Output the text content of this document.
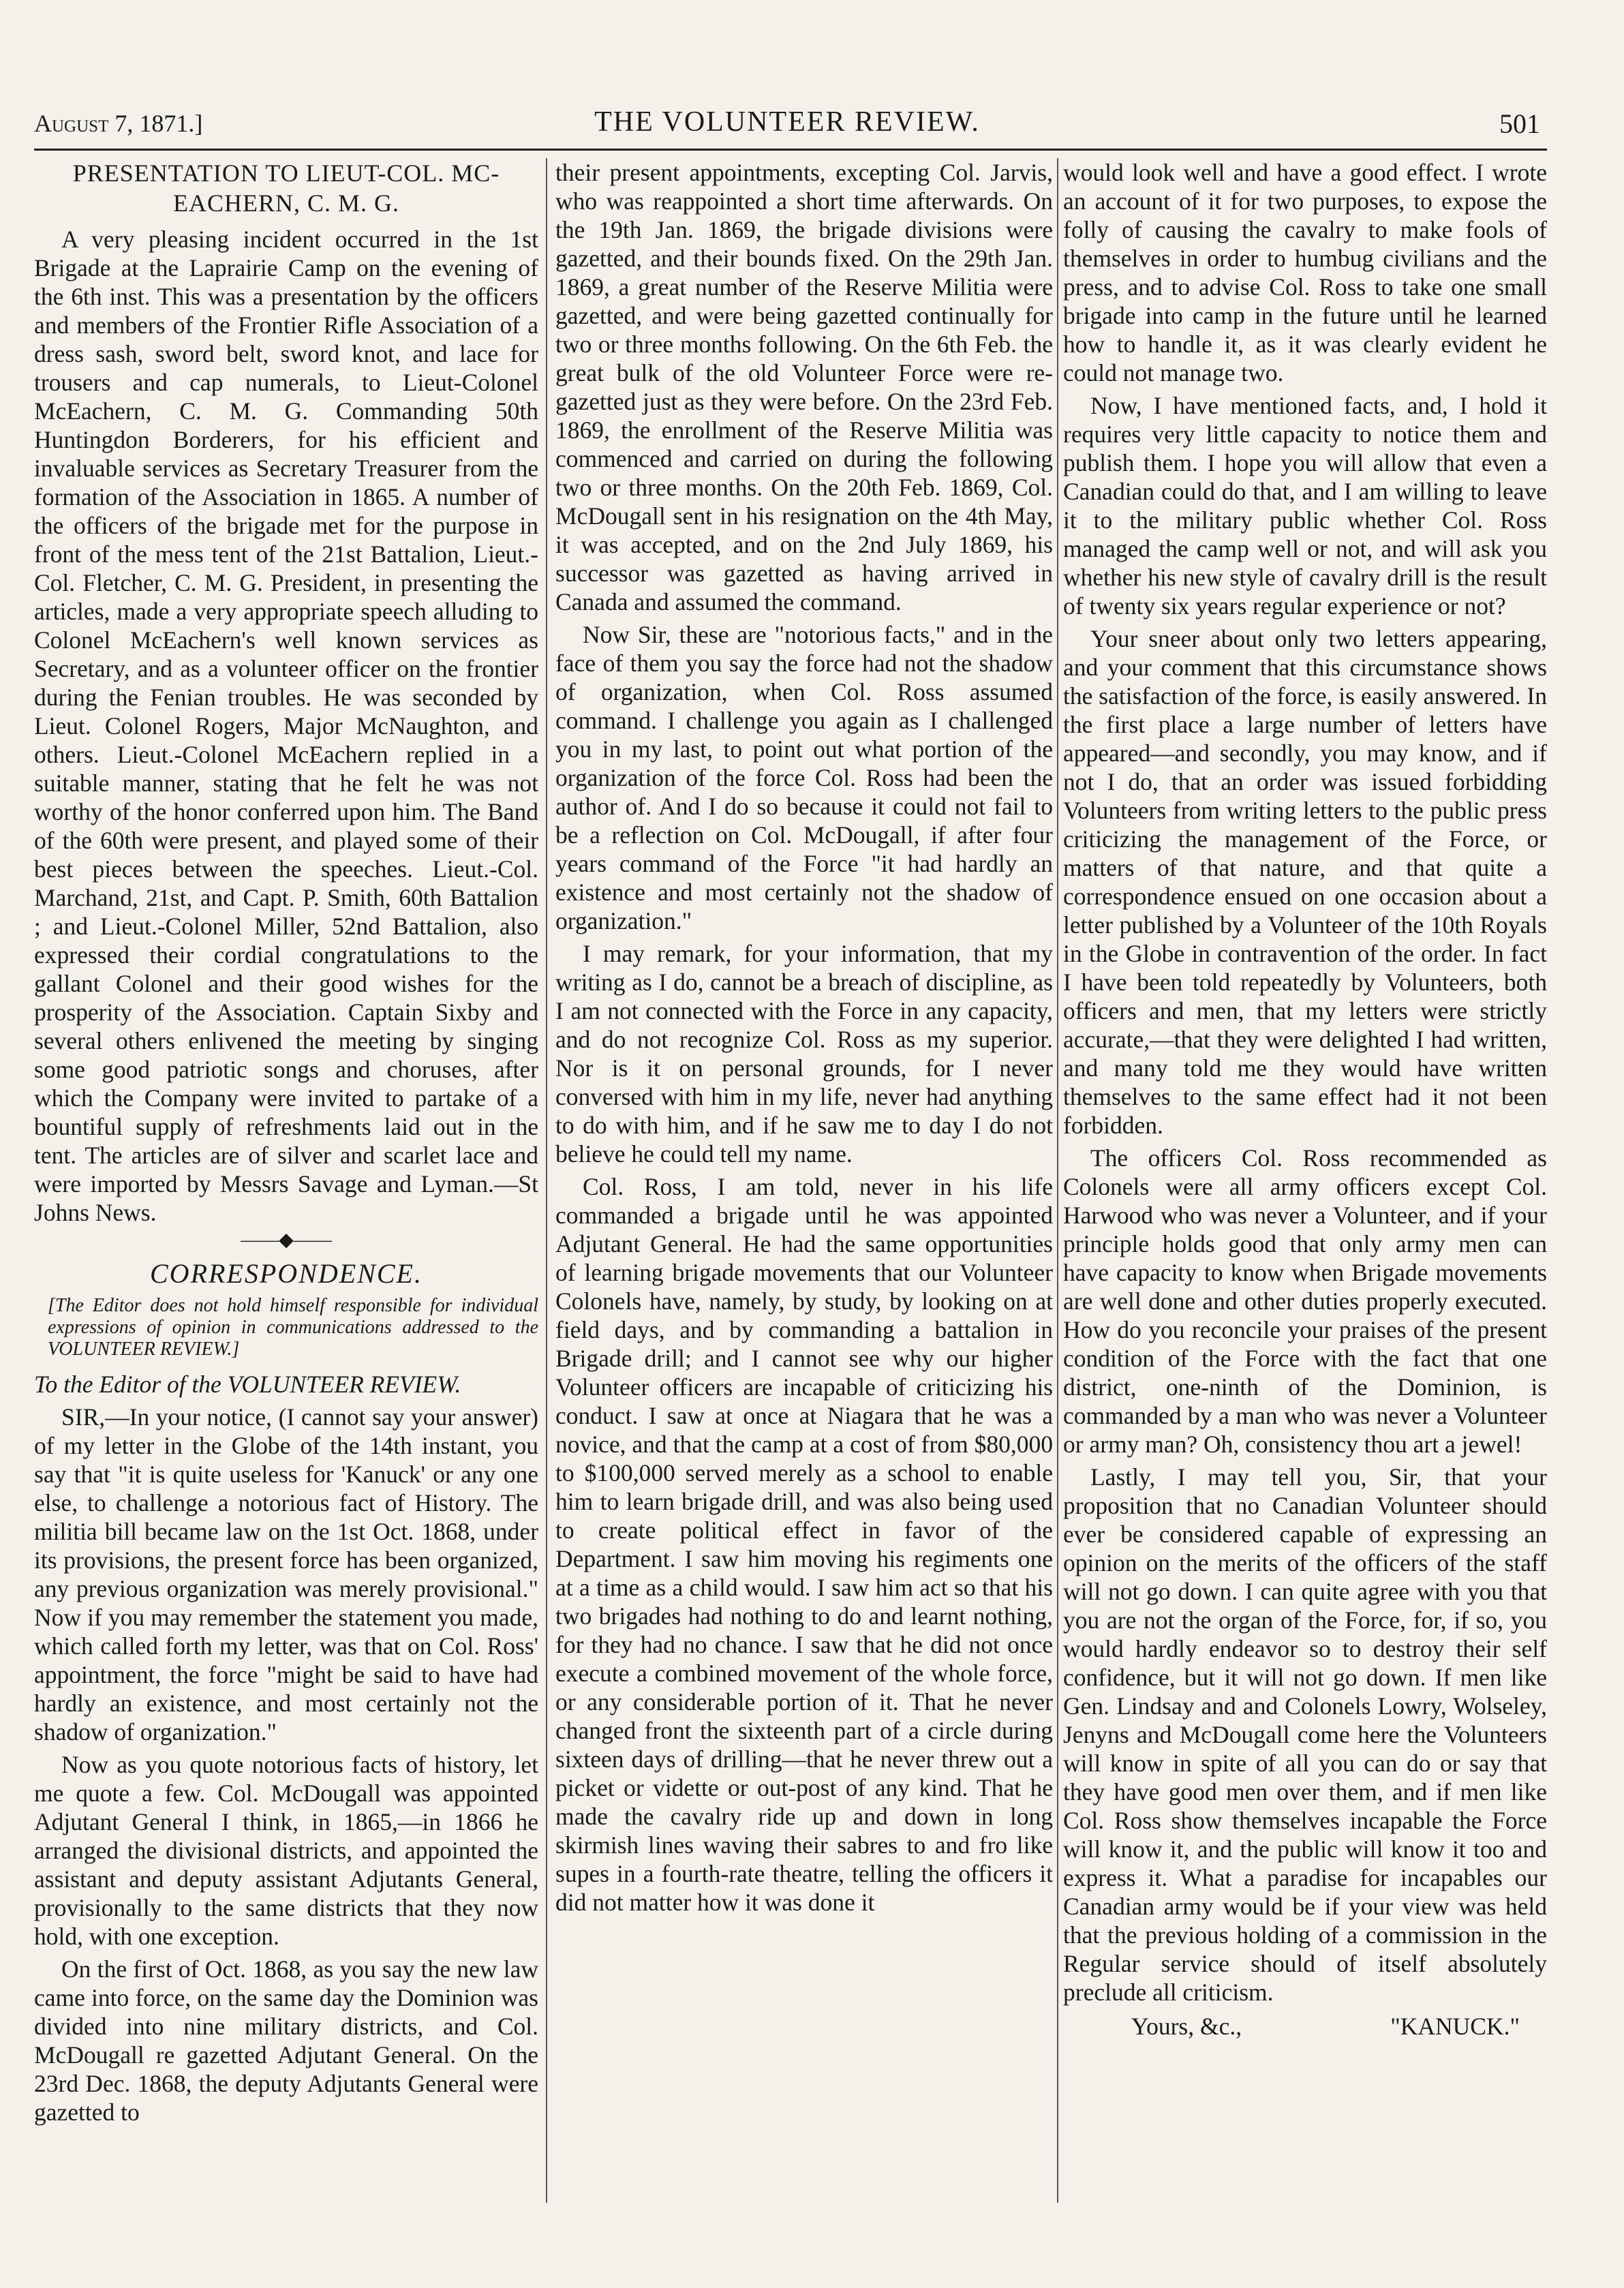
August 7, 1871.]	THE VOLUNTEER REVIEW.	501
PRESENTATION TO LIEUT-COL. MC-EACHERN, C. M. G.

A very pleasing incident occurred in the 1st Brigade at the Laprairie Camp on the evening of the 6th inst. This was a presentation by the officers and members of the Frontier Rifle Association of a dress sash, sword belt, sword knot, and lace for trousers and cap numerals, to Lieut-Colonel McEachern, C. M. G. Commanding 50th Huntingdon Borderers, for his efficient and invaluable services as Secretary Treasurer from the formation of the Association in 1865. A number of the officers of the brigade met for the purpose in front of the mess tent of the 21st Battalion, Lieut.-Col. Fletcher, C. M. G. President, in presenting the articles, made a very appropriate speech alluding to Colonel McEachern's well known services as Secretary, and as a volunteer officer on the frontier during the Fenian troubles. He was seconded by Lieut. Colonel Rogers, Major McNaughton, and others. Lieut.-Colonel McEachern replied in a suitable manner, stating that he felt he was not worthy of the honor conferred upon him. The Band of the 60th were present, and played some of their best pieces between the speeches. Lieut.-Col. Marchand, 21st, and Capt. P. Smith, 60th Battalion ; and Lieut.-Colonel Miller, 52nd Battalion, also expressed their cordial congratulations to the gallant Colonel and their good wishes for the prosperity of the Association. Captain Sixby and several others enlivened the meeting by singing some good patriotic songs and choruses, after which the Company were invited to partake of a bountiful supply of refreshments laid out in the tent. The articles are of silver and scarlet lace and were imported by Messrs Savage and Lyman.—St Johns News.

——◆——
CORRESPONDENCE.
[The Editor does not hold himself responsible for individual expressions of opinion in communications addressed to the VOLUNTEER REVIEW.]
To the Editor of the VOLUNTEER REVIEW.

SIR,—In your notice, (I cannot say your answer) of my letter in the Globe of the 14th instant, you say that "it is quite useless for 'Kanuck' or any one else, to challenge a notorious fact of History. The militia bill became law on the 1st Oct. 1868, under its provisions, the present force has been organized, any previous organization was merely provisional." Now if you may remember the statement you made, which called forth my letter, was that on Col. Ross' appointment, the force "might be said to have had hardly an existence, and most certainly not the shadow of organization."

Now as you quote notorious facts of history, let me quote a few. Col. McDougall was appointed Adjutant General I think, in 1865,—in 1866 he arranged the divisional districts, and appointed the assistant and deputy assistant Adjutants General, provisionally to the same districts that they now hold, with one exception.

On the first of Oct. 1868, as you say the new law came into force, on the same day the Dominion was divided into nine military districts, and Col. McDougall re gazetted Adjutant General. On the 23rd Dec. 1868, the deputy Adjutants General were gazetted to

their present appointments, excepting Col. Jarvis, who was reappointed a short time afterwards. On the 19th Jan. 1869, the brigade divisions were gazetted, and their bounds fixed. On the 29th Jan. 1869, a great number of the Reserve Militia were gazetted, and were being gazetted continually for two or three months following. On the 6th Feb. the great bulk of the old Volunteer Force were re-gazetted just as they were before. On the 23rd Feb. 1869, the enrollment of the Reserve Militia was commenced and carried on during the following two or three months. On the 20th Feb. 1869, Col. McDougall sent in his resignation on the 4th May, it was accepted, and on the 2nd July 1869, his successor was gazetted as having arrived in Canada and assumed the command.

Now Sir, these are "notorious facts," and in the face of them you say the force had not the shadow of organization, when Col. Ross assumed command. I challenge you again as I challenged you in my last, to point out what portion of the organization of the force Col. Ross had been the author of. And I do so because it could not fail to be a reflection on Col. McDougall, if after four years command of the Force "it had hardly an existence and most certainly not the shadow of organization."

I may remark, for your information, that my writing as I do, cannot be a breach of discipline, as I am not connected with the Force in any capacity, and do not recognize Col. Ross as my superior. Nor is it on personal grounds, for I never conversed with him in my life, never had anything to do with him, and if he saw me to day I do not believe he could tell my name.

Col. Ross, I am told, never in his life commanded a brigade until he was appointed Adjutant General. He had the same opportunities of learning brigade movements that our Volunteer Colonels have, namely, by study, by looking on at field days, and by commanding a battalion in Brigade drill; and I cannot see why our higher Volunteer officers are incapable of criticizing his conduct. I saw at once at Niagara that he was a novice, and that the camp at a cost of from $80,000 to $100,000 served merely as a school to enable him to learn brigade drill, and was also being used to create political effect in favor of the Department. I saw him moving his regiments one at a time as a child would. I saw him act so that his two brigades had nothing to do and learnt nothing, for they had no chance. I saw that he did not once execute a combined movement of the whole force, or any considerable portion of it. That he never changed front the sixteenth part of a circle during sixteen days of drilling—that he never threw out a picket or vidette or out-post of any kind. That he made the cavalry ride up and down in long skirmish lines waving their sabres to and fro like supes in a fourth-rate theatre, telling the officers it did not matter how it was done it

would look well and have a good effect. I wrote an account of it for two purposes, to expose the folly of causing the cavalry to make fools of themselves in order to humbug civilians and the press, and to advise Col. Ross to take one small brigade into camp in the future until he learned how to handle it, as it was clearly evident he could not manage two.

Now, I have mentioned facts, and, I hold it requires very little capacity to notice them and publish them. I hope you will allow that even a Canadian could do that, and I am willing to leave it to the military public whether Col. Ross managed the camp well or not, and will ask you whether his new style of cavalry drill is the result of twenty six years regular experience or not?

Your sneer about only two letters appearing, and your comment that this circumstance shows the satisfaction of the force, is easily answered. In the first place a large number of letters have appeared—and secondly, you may know, and if not I do, that an order was issued forbidding Volunteers from writing letters to the public press criticizing the management of the Force, or matters of that nature, and that quite a correspondence ensued on one occasion about a letter published by a Volunteer of the 10th Royals in the Globe in contravention of the order. In fact I have been told repeatedly by Volunteers, both officers and men, that my letters were strictly accurate,—that they were delighted I had written, and many told me they would have written themselves to the same effect had it not been forbidden.

The officers Col. Ross recommended as Colonels were all army officers except Col. Harwood who was never a Volunteer, and if your principle holds good that only army men can have capacity to know when Brigade movements are well done and other duties properly executed. How do you reconcile your praises of the present condition of the Force with the fact that one district, one-ninth of the Dominion, is commanded by a man who was never a Volunteer or army man? Oh, consistency thou art a jewel!

Lastly, I may tell you, Sir, that your proposition that no Canadian Volunteer should ever be considered capable of expressing an opinion on the merits of the officers of the staff will not go down. I can quite agree with you that you are not the organ of the Force, for, if so, you would hardly endeavor so to destroy their self confidence, but it will not go down. If men like Gen. Lindsay and and Colonels Lowry, Wolseley, Jenyns and McDougall come here the Volunteers will know in spite of all you can do or say that they have good men over them, and if men like Col. Ross show themselves incapable the Force will know it, and the public will know it too and express it. What a paradise for incapables our Canadian army would be if your view was held that the previous holding of a commission in the Regular service should of itself absolutely preclude all criticism.

Yours, &c.,	"KANUCK."
